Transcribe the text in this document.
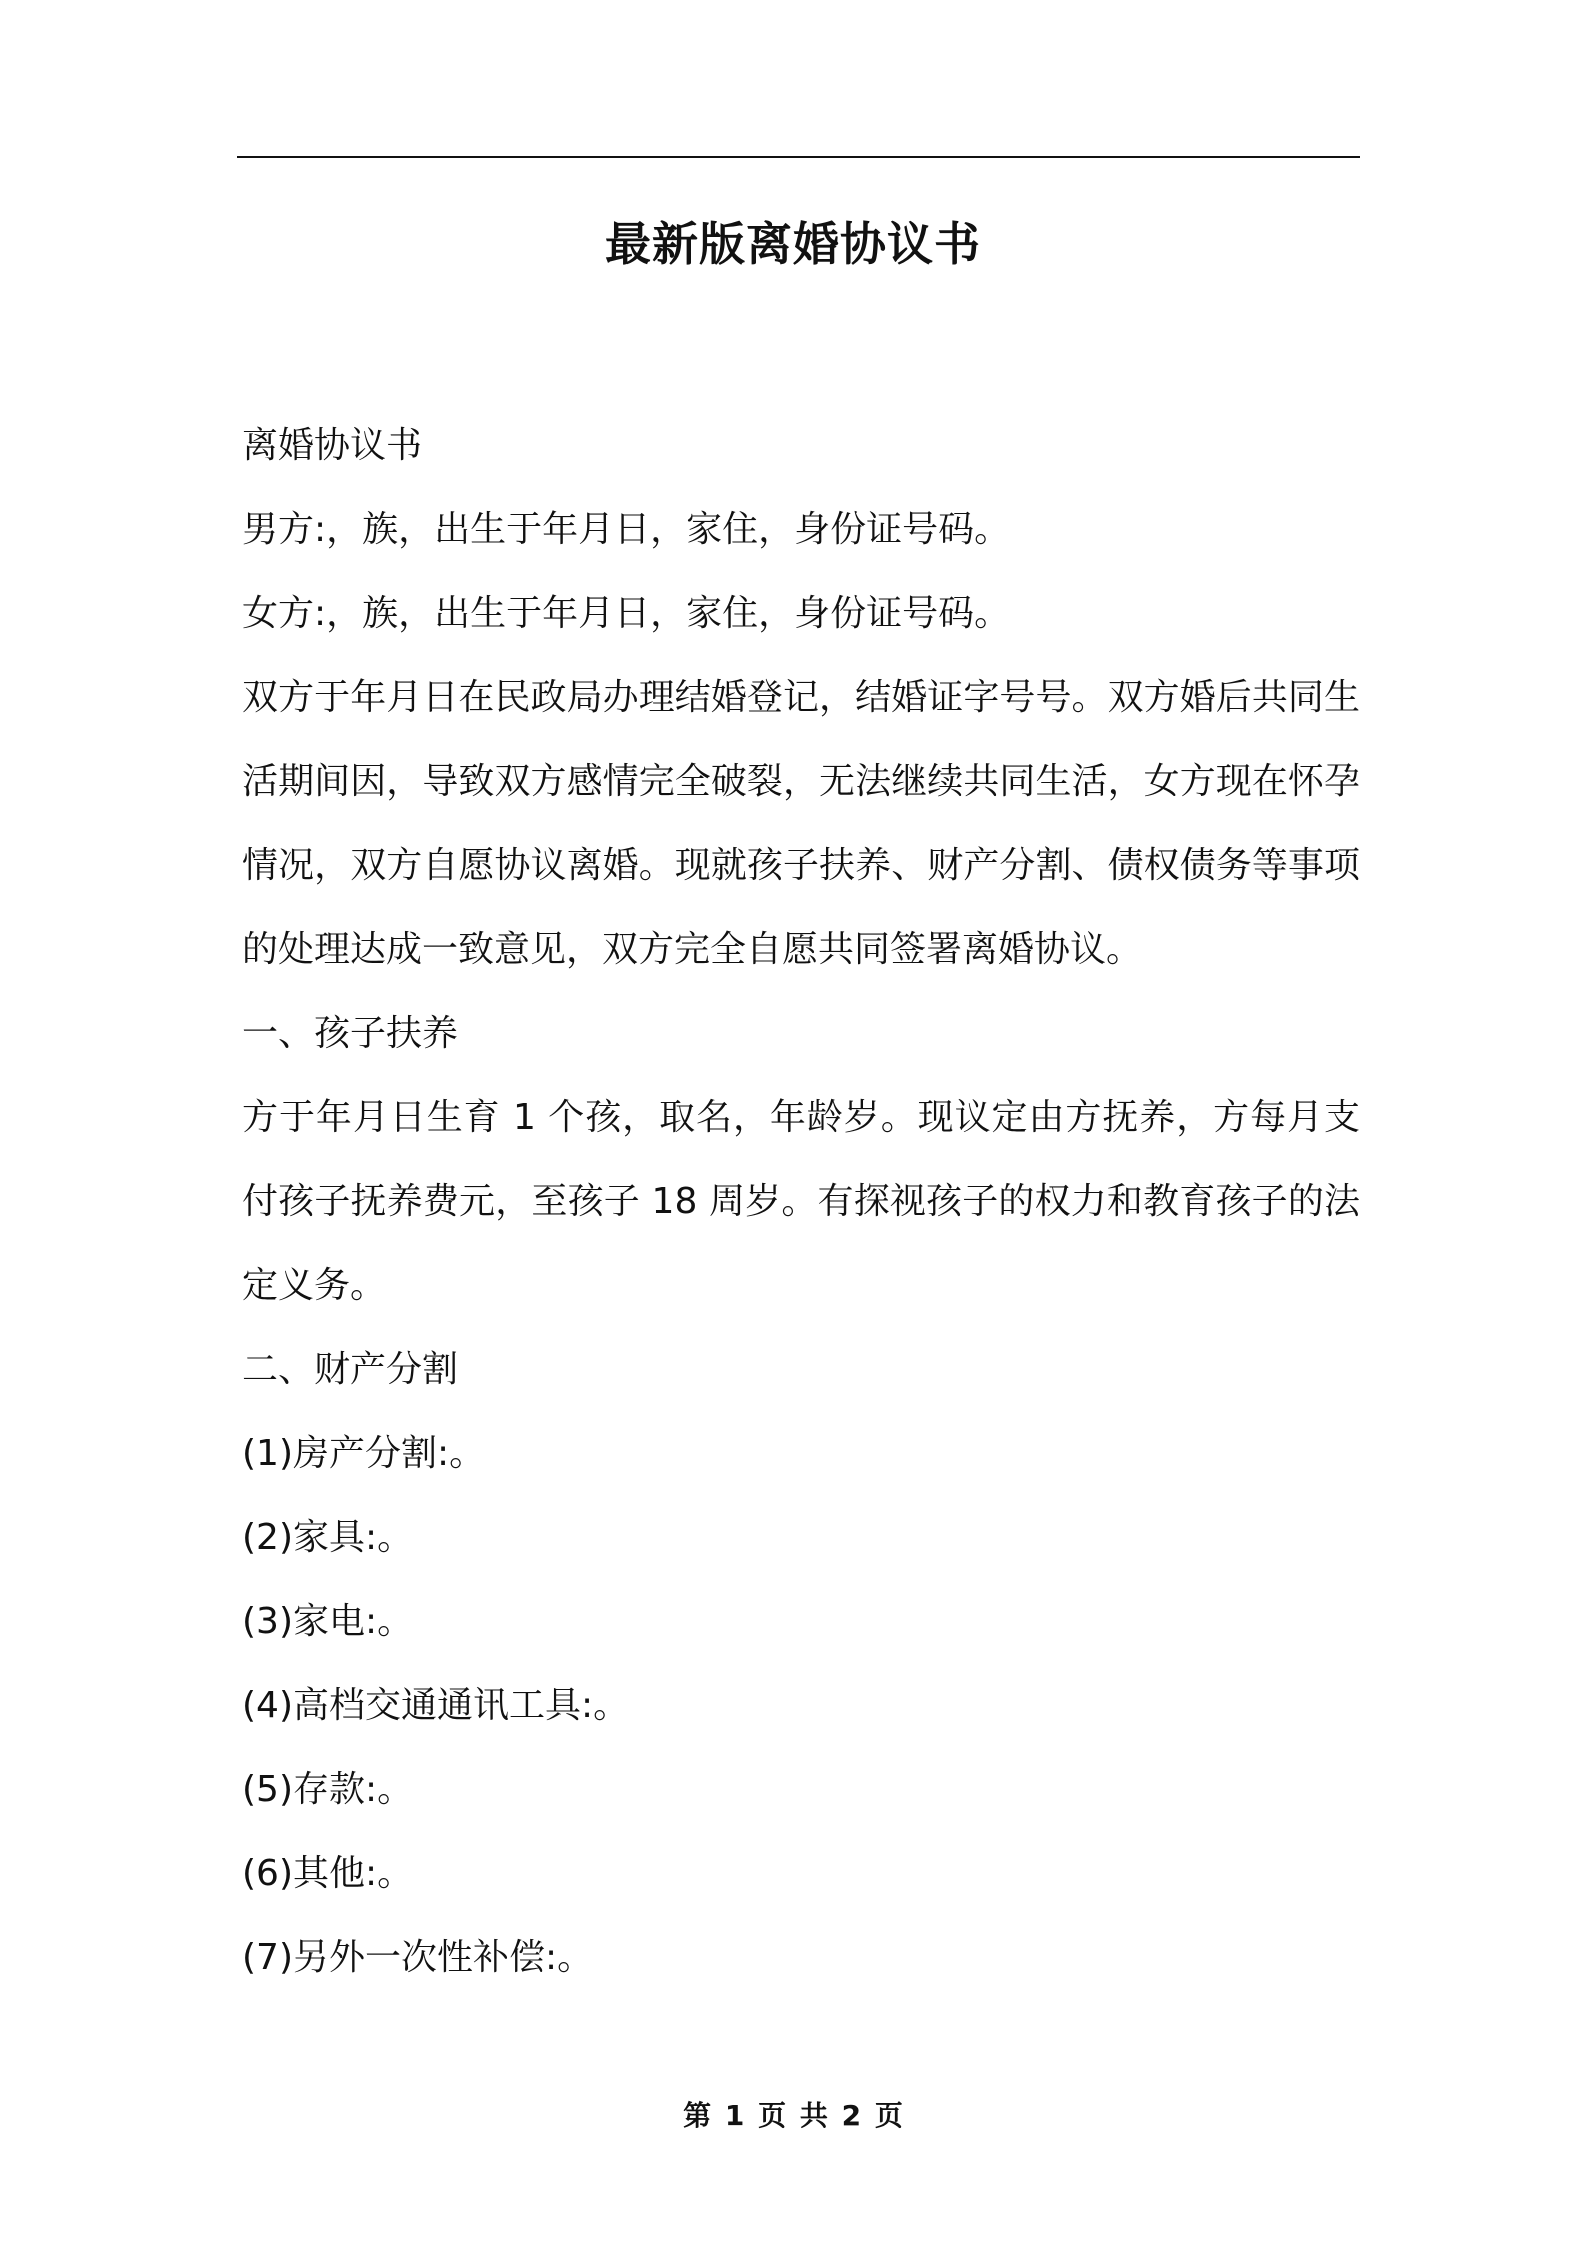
最新版离婚协议书

离婚协议书

男方:，族，出生于年月日，家住，身份证号码。

女方:，族，出生于年月日，家住，身份证号码。

双方于年月日在民政局办理结婚登记，结婚证字号号。双方婚后共同生活期间因，导致双方感情完全破裂，无法继续共同生活，女方现在怀孕情况，双方自愿协议离婚。现就孩子扶养、财产分割、债权债务等事项的处理达成一致意见，双方完全自愿共同签署离婚协议。

一、孩子扶养

方于年月日生育 1 个孩，取名，年龄岁。现议定由方抚养，方每月支付孩子抚养费元，至孩子 18 周岁。有探视孩子的权力和教育孩子的法定义务。

二、财产分割

(1)房产分割:。

(2)家具:。

(3)家电:。

(4)高档交通通讯工具:。

(5)存款:。

(6)其他:。

(7)另外一次性补偿:。

第 1 页 共 2 页
